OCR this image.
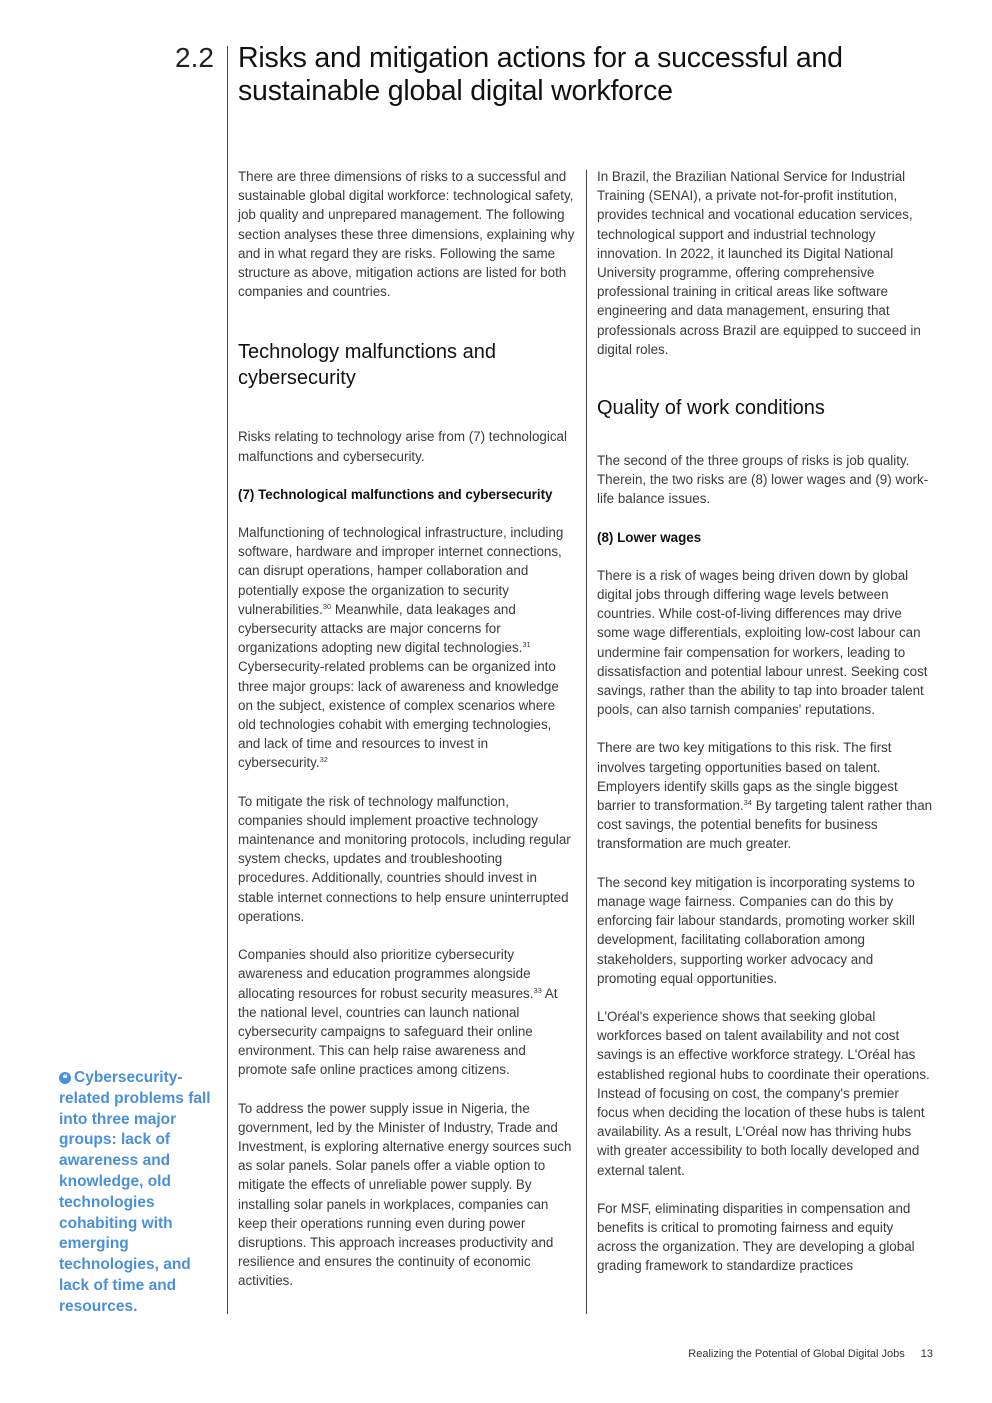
2.2 Risks and mitigation actions for a successful and sustainable global digital workforce

There are three dimensions of risks to a successful and sustainable global digital workforce: technological safety, job quality and unprepared management. The following section analyses these three dimensions, explaining why and in what regard they are risks. Following the same structure as above, mitigation actions are listed for both companies and countries.

Technology malfunctions and cybersecurity

Risks relating to technology arise from (7) technological malfunctions and cybersecurity.

(7) Technological malfunctions and cybersecurity

Malfunctioning of technological infrastructure, including software, hardware and improper internet connections, can disrupt operations, hamper collaboration and potentially expose the organization to security vulnerabilities.$^{30}$ Meanwhile, data leakages and cybersecurity attacks are major concerns for organizations adopting new digital technologies.$^{31}$ Cybersecurity-related problems can be organized into three major groups: lack of awareness and knowledge on the subject, existence of complex scenarios where old technologies cohabit with emerging technologies, and lack of time and resources to invest in cybersecurity.$^{32}$

To mitigate the risk of technology malfunction, companies should implement proactive technology maintenance and monitoring protocols, including regular system checks, updates and troubleshooting procedures. Additionally, countries should invest in stable internet connections to help ensure uninterrupted operations.

Companies should also prioritize cybersecurity awareness and education programmes alongside allocating resources for robust security measures.$^{33}$ At the national level, countries can launch national cybersecurity campaigns to safeguard their online environment. This can help raise awareness and promote safe online practices among citizens.

To address the power supply issue in Nigeria, the government, led by the Minister of Industry, Trade and Investment, is exploring alternative energy sources such as solar panels. Solar panels offer a viable option to mitigate the effects of unreliable power supply. By installing solar panels in workplaces, companies can keep their operations running even during power disruptions. This approach increases productivity and resilience and ensures the continuity of economic activities.

In Brazil, the Brazilian National Service for Industrial Training (SENAI), a private not-for-profit institution, provides technical and vocational education services, technological support and industrial technology innovation. In 2022, it launched its Digital National University programme, offering comprehensive professional training in critical areas like software engineering and data management, ensuring that professionals across Brazil are equipped to succeed in digital roles.

Quality of work conditions

The second of the three groups of risks is job quality. Therein, the two risks are (8) lower wages and (9) work-life balance issues.

(8) Lower wages

There is a risk of wages being driven down by global digital jobs through differing wage levels between countries. While cost-of-living differences may drive some wage differentials, exploiting low-cost labour can undermine fair compensation for workers, leading to dissatisfaction and potential labour unrest. Seeking cost savings, rather than the ability to tap into broader talent pools, can also tarnish companies' reputations.

There are two key mitigations to this risk. The first involves targeting opportunities based on talent. Employers identify skills gaps as the single biggest barrier to transformation.$^{34}$ By targeting talent rather than cost savings, the potential benefits for business transformation are much greater.

The second key mitigation is incorporating systems to manage wage fairness. Companies can do this by enforcing fair labour standards, promoting worker skill development, facilitating collaboration among stakeholders, supporting worker advocacy and promoting equal opportunities.

L'Oréal's experience shows that seeking global workforces based on talent availability and not cost savings is an effective workforce strategy. L'Oréal has established regional hubs to coordinate their operations. Instead of focusing on cost, the company's premier focus when deciding the location of these hubs is talent availability. As a result, L'Oréal now has thriving hubs with greater accessibility to both locally developed and external talent.

For MSF, eliminating disparities in compensation and benefits is critical to promoting fairness and equity across the organization. They are developing a global grading framework to standardize practices

❝ Cybersecurity-related problems fall into three major groups: lack of awareness and knowledge, old technologies cohabiting with emerging technologies, and lack of time and resources.
Realizing the Potential of Global Digital Jobs 13
